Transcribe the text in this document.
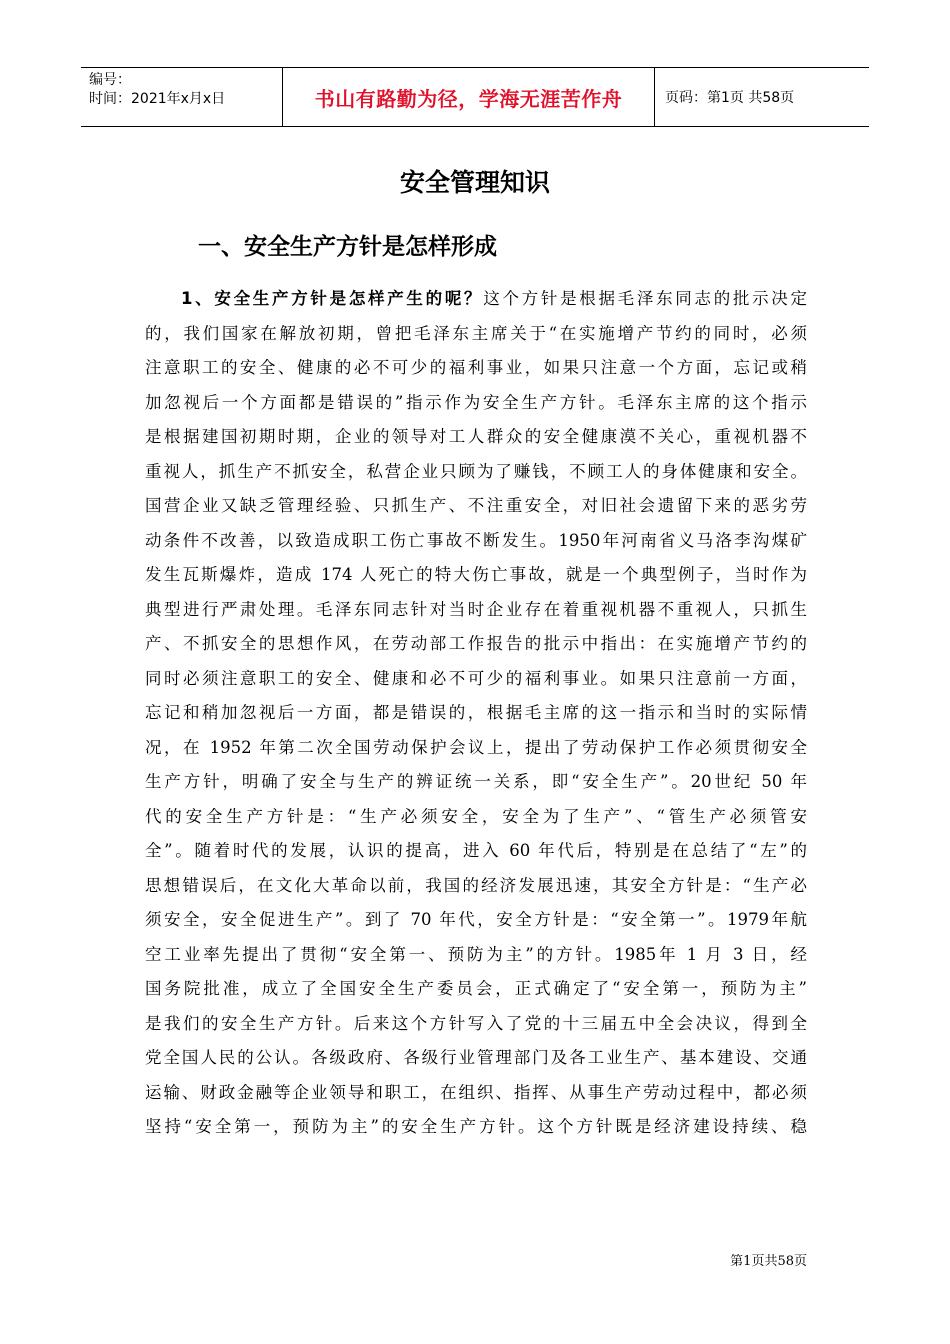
编号：
时间：2021年x月x日	书山有路勤为径，学海无涯苦作舟	页码：第1页 共58页
安全管理知识
一、安全生产方针是怎样形成
1、安全生产方针是怎样产生的呢？这个方针是根据毛泽东同志的批示决定
的，我们国家在解放初期，曾把毛泽东主席关于“在实施增产节约的同时，必须
注意职工的安全、健康的必不可少的福利事业，如果只注意一个方面，忘记或稍
加忽视后一个方面都是错误的”指示作为安全生产方针。毛泽东主席的这个指示
是根据建国初期时期，企业的领导对工人群众的安全健康漠不关心，重视机器不
重视人，抓生产不抓安全，私营企业只顾为了赚钱，不顾工人的身体健康和安全。
国营企业又缺乏管理经验、只抓生产、不注重安全，对旧社会遗留下来的恶劣劳
动条件不改善，以致造成职工伤亡事故不断发生。1950年河南省义马洛李沟煤矿
发生瓦斯爆炸，造成 174 人死亡的特大伤亡事故，就是一个典型例子，当时作为
典型进行严肃处理。毛泽东同志针对当时企业存在着重视机器不重视人，只抓生
产、不抓安全的思想作风，在劳动部工作报告的批示中指出：在实施增产节约的
同时必须注意职工的安全、健康和必不可少的福利事业。如果只注意前一方面，
忘记和稍加忽视后一方面，都是错误的，根据毛主席的这一指示和当时的实际情
况，在 1952 年第二次全国劳动保护会议上，提出了劳动保护工作必须贯彻安全
生产方针，明确了安全与生产的辨证统一关系，即“安全生产”。20世纪 50 年
代的安全生产方针是：“生产必须安全，安全为了生产”、“管生产必须管安
全”。随着时代的发展，认识的提高，进入 60 年代后，特别是在总结了“左”的
思想错误后，在文化大革命以前，我国的经济发展迅速，其安全方针是：“生产必
须安全，安全促进生产”。到了 70 年代，安全方针是：“安全第一”。1979年航
空工业率先提出了贯彻“安全第一、预防为主”的方针。1985年 1 月 3 日，经
国务院批准，成立了全国安全生产委员会，正式确定了“安全第一，预防为主”
是我们的安全生产方针。后来这个方针写入了党的十三届五中全会决议，得到全
党全国人民的公认。各级政府、各级行业管理部门及各工业生产、基本建设、交通
运输、财政金融等企业领导和职工，在组织、指挥、从事生产劳动过程中，都必须
坚持“安全第一，预防为主”的安全生产方针。这个方针既是经济建设持续、稳
第1页共58页
